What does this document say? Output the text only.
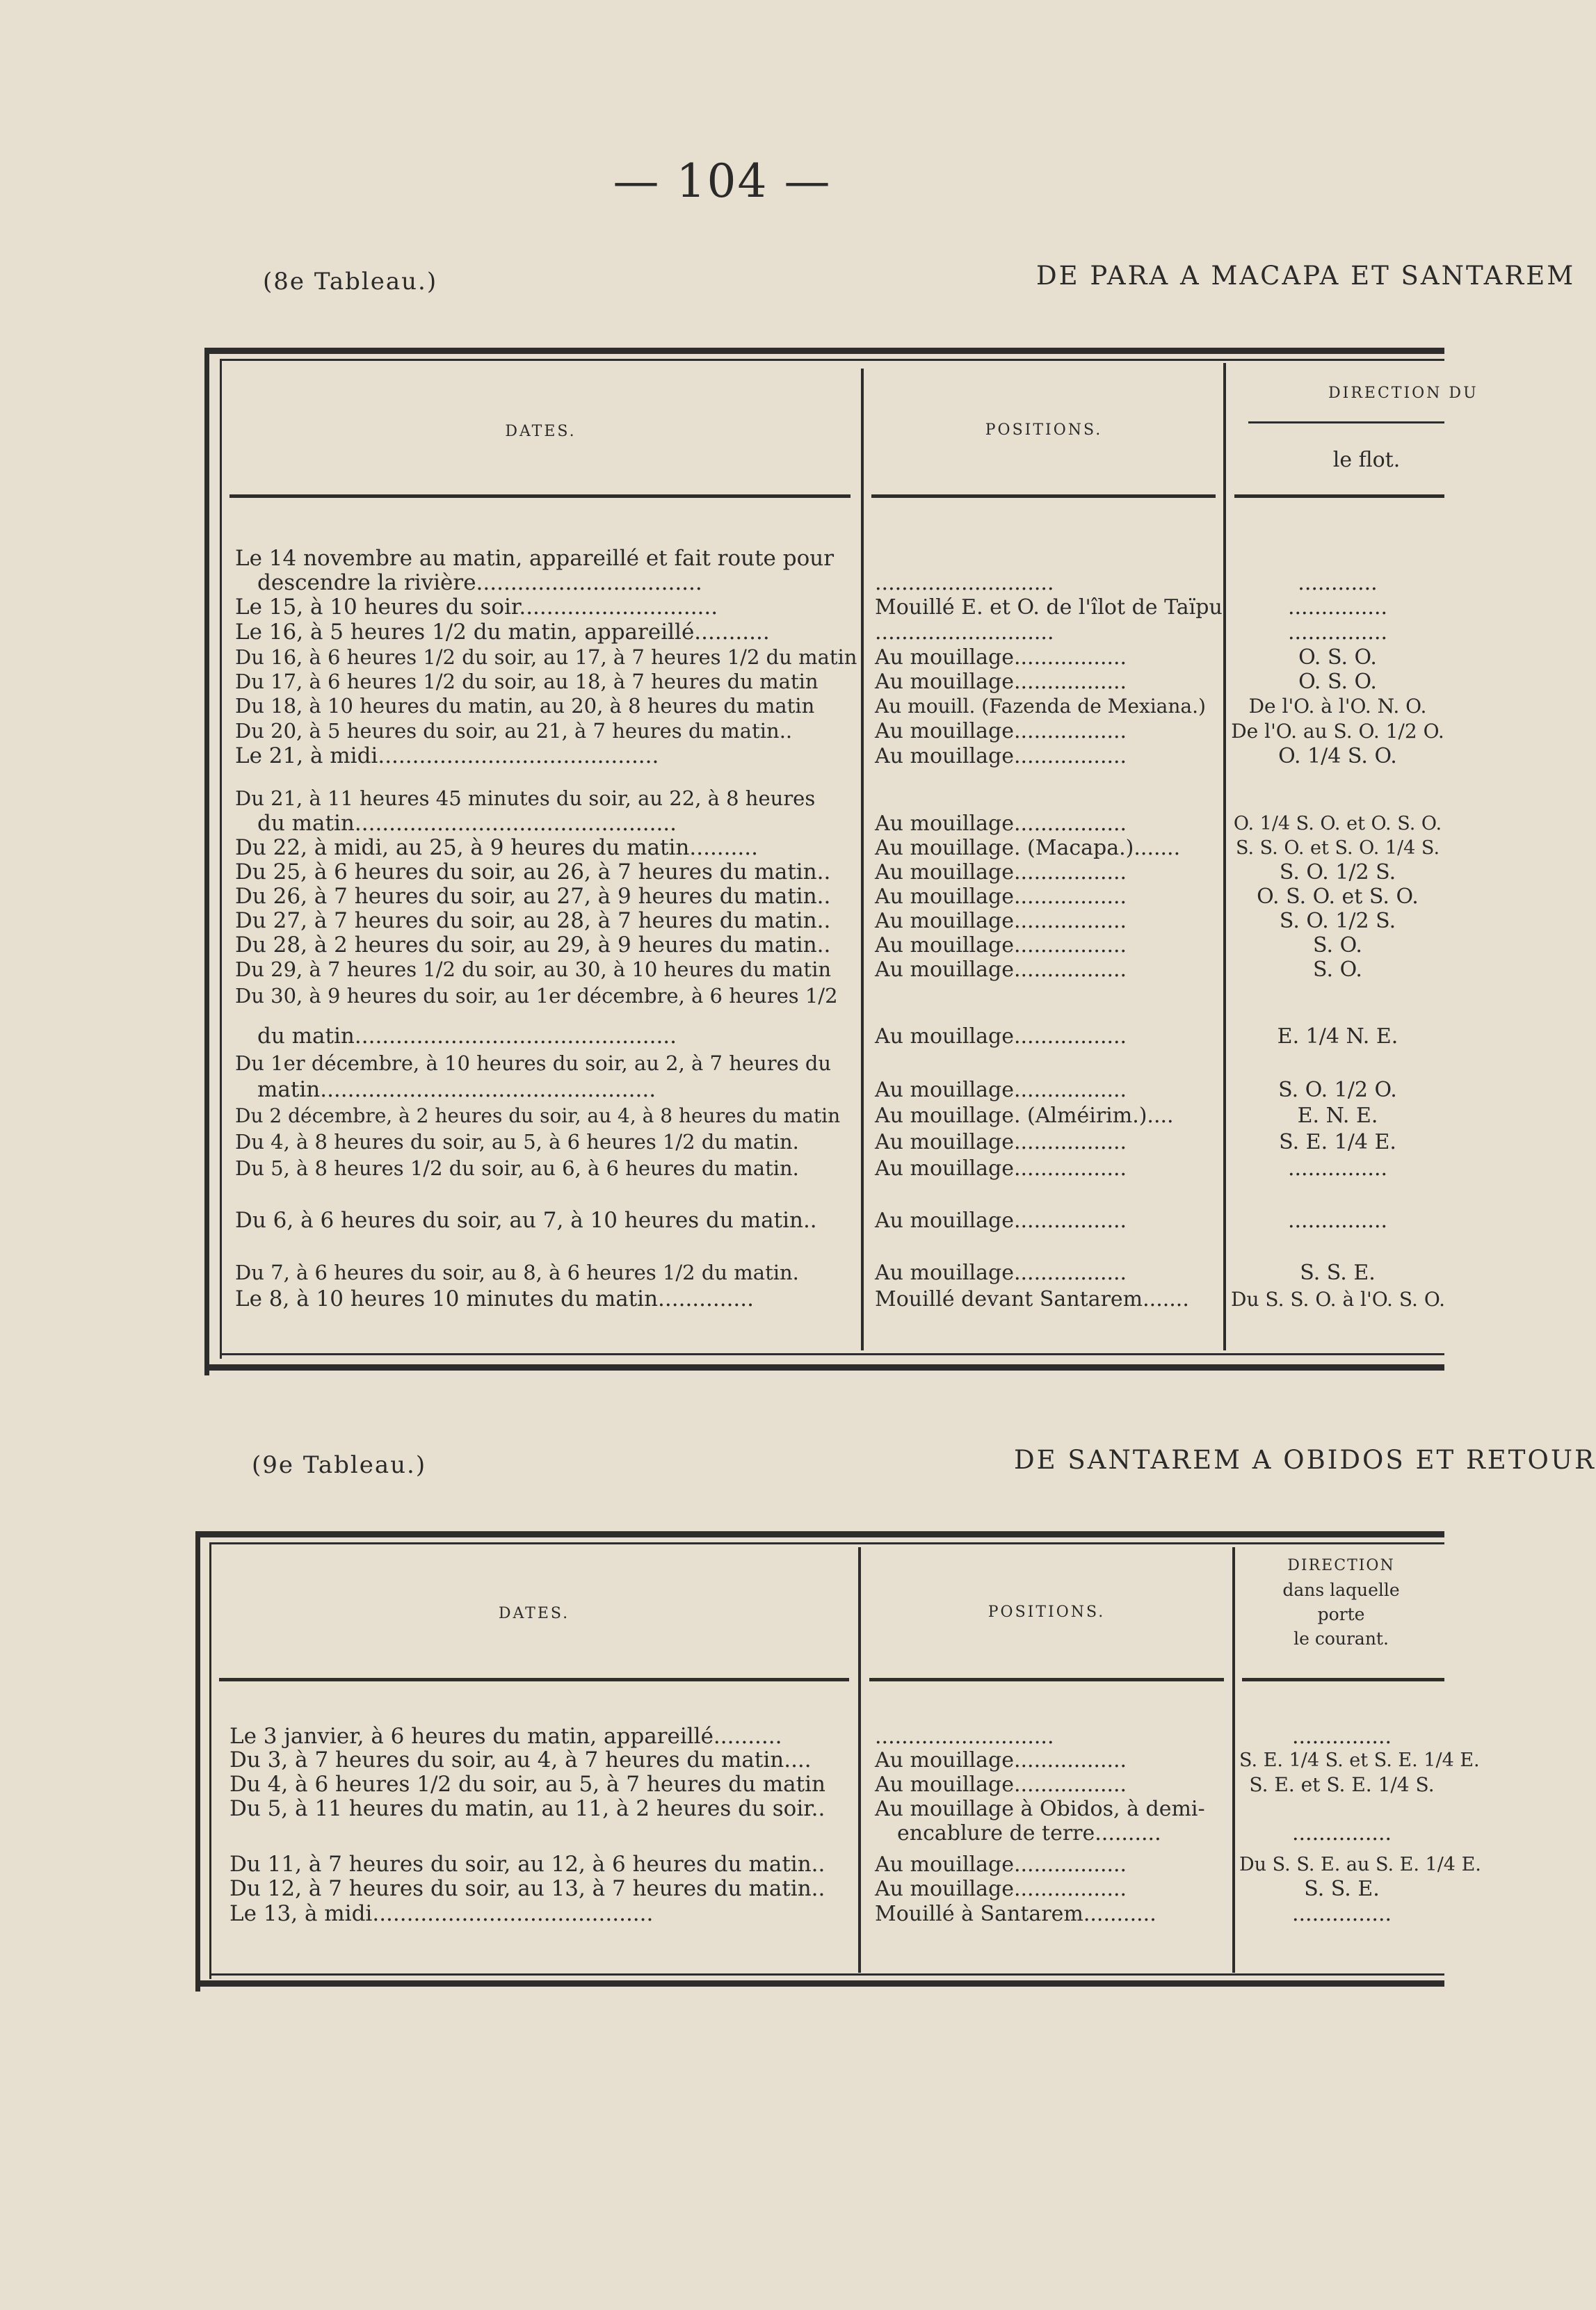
— 104 —
(8e Tableau.)	DE PARA A MACAPA ET SANTAREM
DATES.	POSITIONS.
DIRECTION DU
le flot.
Le 14 novembre au matin, appareillé et fait route pour
descendre la rivière.................................	...........................	............
Le 15, à 10 heures du soir.............................	Mouillé E. et O. de l'îlot de Taïpu	...............
Le 16, à 5 heures 1/2 du matin, appareillé...........	...........................	...............
Du 16, à 6 heures 1/2 du soir, au 17, à 7 heures 1/2 du matin Au mouillage.................	O. S. O.
Du 17, à 6 heures 1/2 du soir, au 18, à 7 heures du matin	Au mouillage.................	O. S. O.
Du 18, à 10 heures du matin, au 20, à 8 heures du matin	Au mouill. (Fazenda de Mexiana.)	De l'O. à l'O. N. O.
Du 20, à 5 heures du soir, au 21, à 7 heures du matin..	Au mouillage.................	De l'O. au S. O. 1/2 O.
Le 21, à midi.........................................	Au mouillage.................	O. 1/4 S. O.
Du 21, à 11 heures 45 minutes du soir, au 22, à 8 heures
du matin...............................................	Au mouillage.................	O. 1/4 S. O. et O. S. O.
Du 22, à midi, au 25, à 9 heures du matin..........	Au mouillage. (Macapa.).......	S. S. O. et S. O. 1/4 S.
Du 25, à 6 heures du soir, au 26, à 7 heures du matin..	Au mouillage.................	S. O. 1/2 S.
Du 26, à 7 heures du soir, au 27, à 9 heures du matin..	Au mouillage.................	O. S. O. et S. O.
Du 27, à 7 heures du soir, au 28, à 7 heures du matin..	Au mouillage.................	S. O. 1/2 S.
Du 28, à 2 heures du soir, au 29, à 9 heures du matin..	Au mouillage.................	S. O.
Du 29, à 7 heures 1/2 du soir, au 30, à 10 heures du matin	Au mouillage.................	S. O.
Du 30, à 9 heures du soir, au 1er décembre, à 6 heures 1/2
du matin...............................................	Au mouillage.................	E. 1/4 N. E.
Du 1er décembre, à 10 heures du soir, au 2, à 7 heures du
matin.................................................	Au mouillage.................	S. O. 1/2 O.
Du 2 décembre, à 2 heures du soir, au 4, à 8 heures du matin	Au mouillage. (Alméirim.)....	E. N. E.
Du 4, à 8 heures du soir, au 5, à 6 heures 1/2 du matin.	Au mouillage.................	S. E. 1/4 E.
Du 5, à 8 heures 1/2 du soir, au 6, à 6 heures du matin.	Au mouillage.................	...............
Du 6, à 6 heures du soir, au 7, à 10 heures du matin..	Au mouillage.................	...............
Du 7, à 6 heures du soir, au 8, à 6 heures 1/2 du matin.	Au mouillage.................	S. S. E.
Le 8, à 10 heures 10 minutes du matin..............	Mouillé devant Santarem.......	Du S. S. O. à l'O. S. O.
(9e Tableau.)	DE SANTAREM A OBIDOS ET RETOUR
DATES.	POSITIONS.
DIRECTION
dans laquelle
porte
le courant.
Le 3 janvier, à 6 heures du matin, appareillé..........	...........................	...............
Du 3, à 7 heures du soir, au 4, à 7 heures du matin....	Au mouillage.................	S. E. 1/4 S. et S. E. 1/4 E.
Du 4, à 6 heures 1/2 du soir, au 5, à 7 heures du matin	Au mouillage.................	S. E. et S. E. 1/4 S.
Du 5, à 11 heures du matin, au 11, à 2 heures du soir..	Au mouillage à Obidos, à demi-
encablure de terre..........	...............
Du 11, à 7 heures du soir, au 12, à 6 heures du matin..	Au mouillage.................	Du S. S. E. au S. E. 1/4 E.
Du 12, à 7 heures du soir, au 13, à 7 heures du matin..	Au mouillage.................	S. S. E.
Le 13, à midi.........................................	Mouillé à Santarem...........	...............
